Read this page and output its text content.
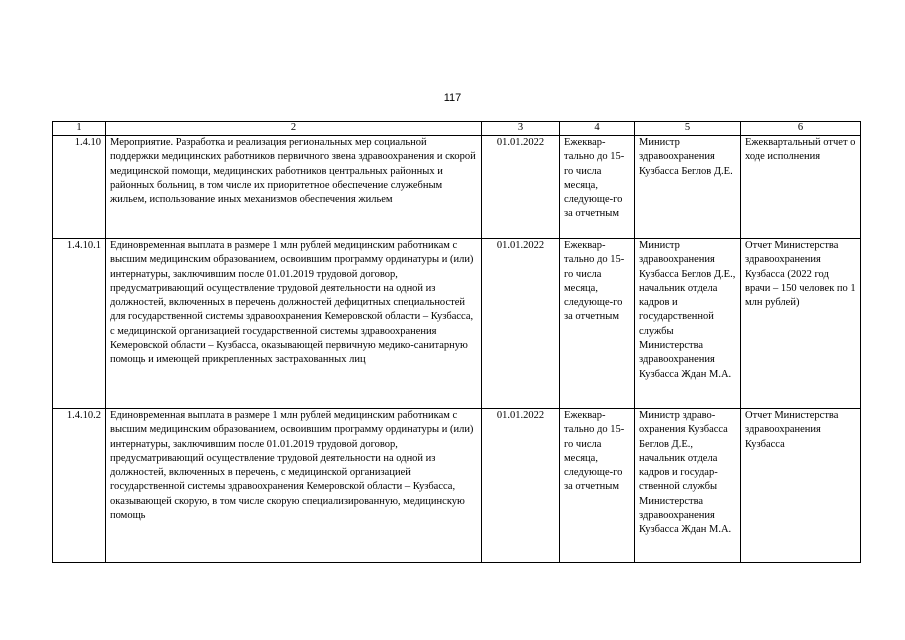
117
1	2	3	4	5	6
1.4.10	Мероприятие. Разработка и реализация региональных мер социальной поддержки медицинских работников первичного звена здравоохранения и скорой медицинской помощи, медицинских работников центральных районных и районных больниц, в том числе их приоритетное обеспечение служебным жильем, использование иных механизмов обеспечения жильем	01.01.2022	Ежеквар-тально до 15-го числа месяца, следующе-го за отчетным	Министр здравоохранения Кузбасса Беглов Д.Е.	Ежеквартальный отчет о ходе исполнения
1.4.10.1	Единовременная выплата в размере 1 млн рублей медицинским работникам с высшим медицинским образованием, освоившим программу ординатуры и (или) интернатуры, заключившим после 01.01.2019 трудовой договор, предусматривающий осуществление трудовой деятельности на одной из должностей, включенных в перечень должностей дефицитных специальностей для государственной системы здравоохранения Кемеровской области – Кузбасса, с медицинской организацией государственной системы здравоохранения Кемеровской области – Кузбасса, оказывающей первичную медико-санитарную помощь и имеющей прикрепленных застрахованных лиц	01.01.2022	Ежеквар-тально до 15-го числа месяца, следующе-го за отчетным	Министр здравоохранения Кузбасса Беглов Д.Е., начальник отдела кадров и государственной службы Министерства здравоохранения Кузбасса Ждан М.А.	Отчет Министерства здравоохранения Кузбасса (2022 год врачи – 150 человек по 1 млн рублей)
1.4.10.2	Единовременная выплата в размере 1 млн рублей медицинским работникам с высшим медицинским образованием, освоившим программу ординатуры и (или) интернатуры, заключившим после 01.01.2019 трудовой договор, предусматривающий осуществление трудовой деятельности на одной из должностей, включенных в перечень, с медицинской организацией государственной системы здравоохранения Кемеровской области – Кузбасса, оказывающей скорую, в том числе скорую специализированную, медицинскую помощь	01.01.2022	Ежеквар-тально до 15-го числа месяца, следующе-го за отчетным	Министр здраво-охранения Кузбасса Беглов Д.Е., начальник отдела кадров и государ-ственной службы Министерства здравоохранения Кузбасса Ждан М.А.	Отчет Министерства здравоохранения Кузбасса
